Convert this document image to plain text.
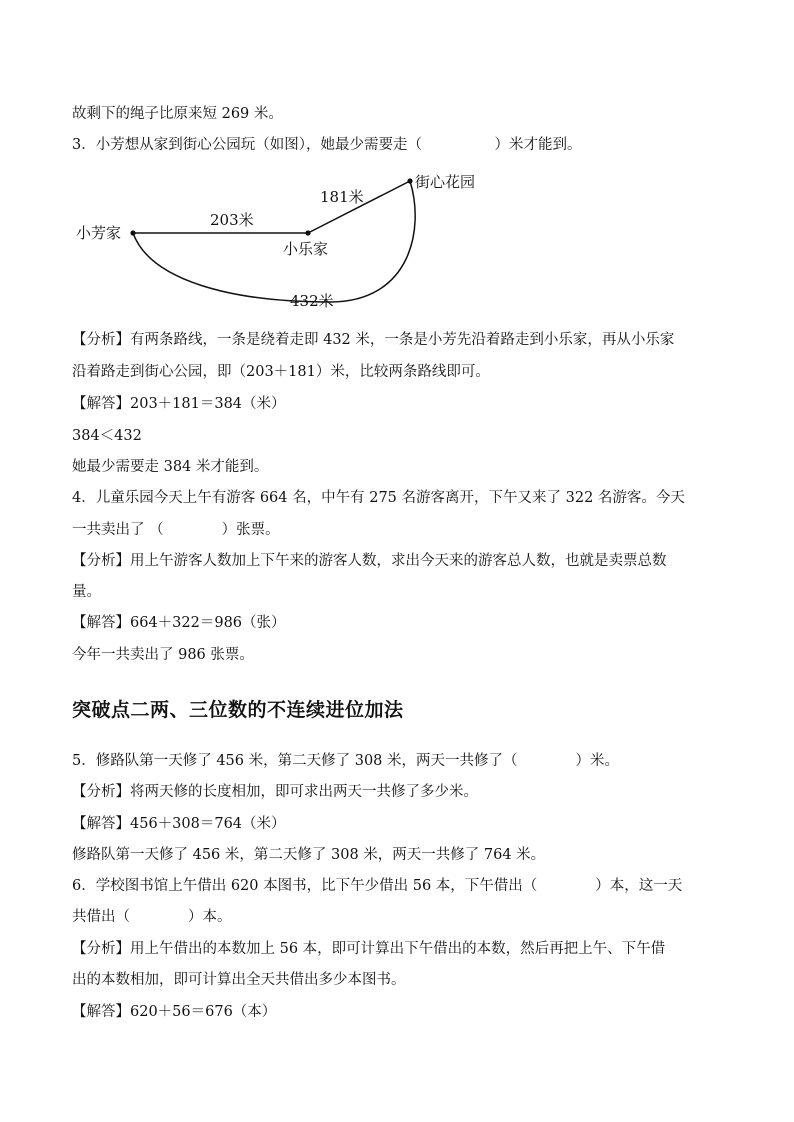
故剩下的绳子比原来短 269 米。
3．小芳想从家到街心公园玩（如图），她最少需要走（　　　　　）米才能到。
小芳家
小乐家
街心花园
203米
181米
432米
【分析】有两条路线，一条是绕着走即 432 米，一条是小芳先沿着路走到小乐家，再从小乐家
沿着路走到街心公园，即（203＋181）米，比较两条路线即可。
【解答】203＋181＝384（米）
384＜432
她最少需要走 384 米才能到。
4．儿童乐园今天上午有游客 664 名，中午有 275 名游客离开，下午又来了 322 名游客。今天
一共卖出了 （　　　　）张票。
【分析】用上午游客人数加上下午来的游客人数，求出今天来的游客总人数，也就是卖票总数
量。
【解答】664＋322＝986（张）
今年一共卖出了 986 张票。
突破点二两、三位数的不连续进位加法
5．修路队第一天修了 456 米，第二天修了 308 米，两天一共修了（　　　　）米。
【分析】将两天修的长度相加，即可求出两天一共修了多少米。
【解答】456＋308＝764（米）
修路队第一天修了 456 米，第二天修了 308 米，两天一共修了 764 米。
6．学校图书馆上午借出 620 本图书，比下午少借出 56 本，下午借出（　　　　）本，这一天
共借出（　　　　）本。
【分析】用上午借出的本数加上 56 本，即可计算出下午借出的本数，然后再把上午、下午借
出的本数相加，即可计算出全天共借出多少本图书。
【解答】620＋56＝676（本）
